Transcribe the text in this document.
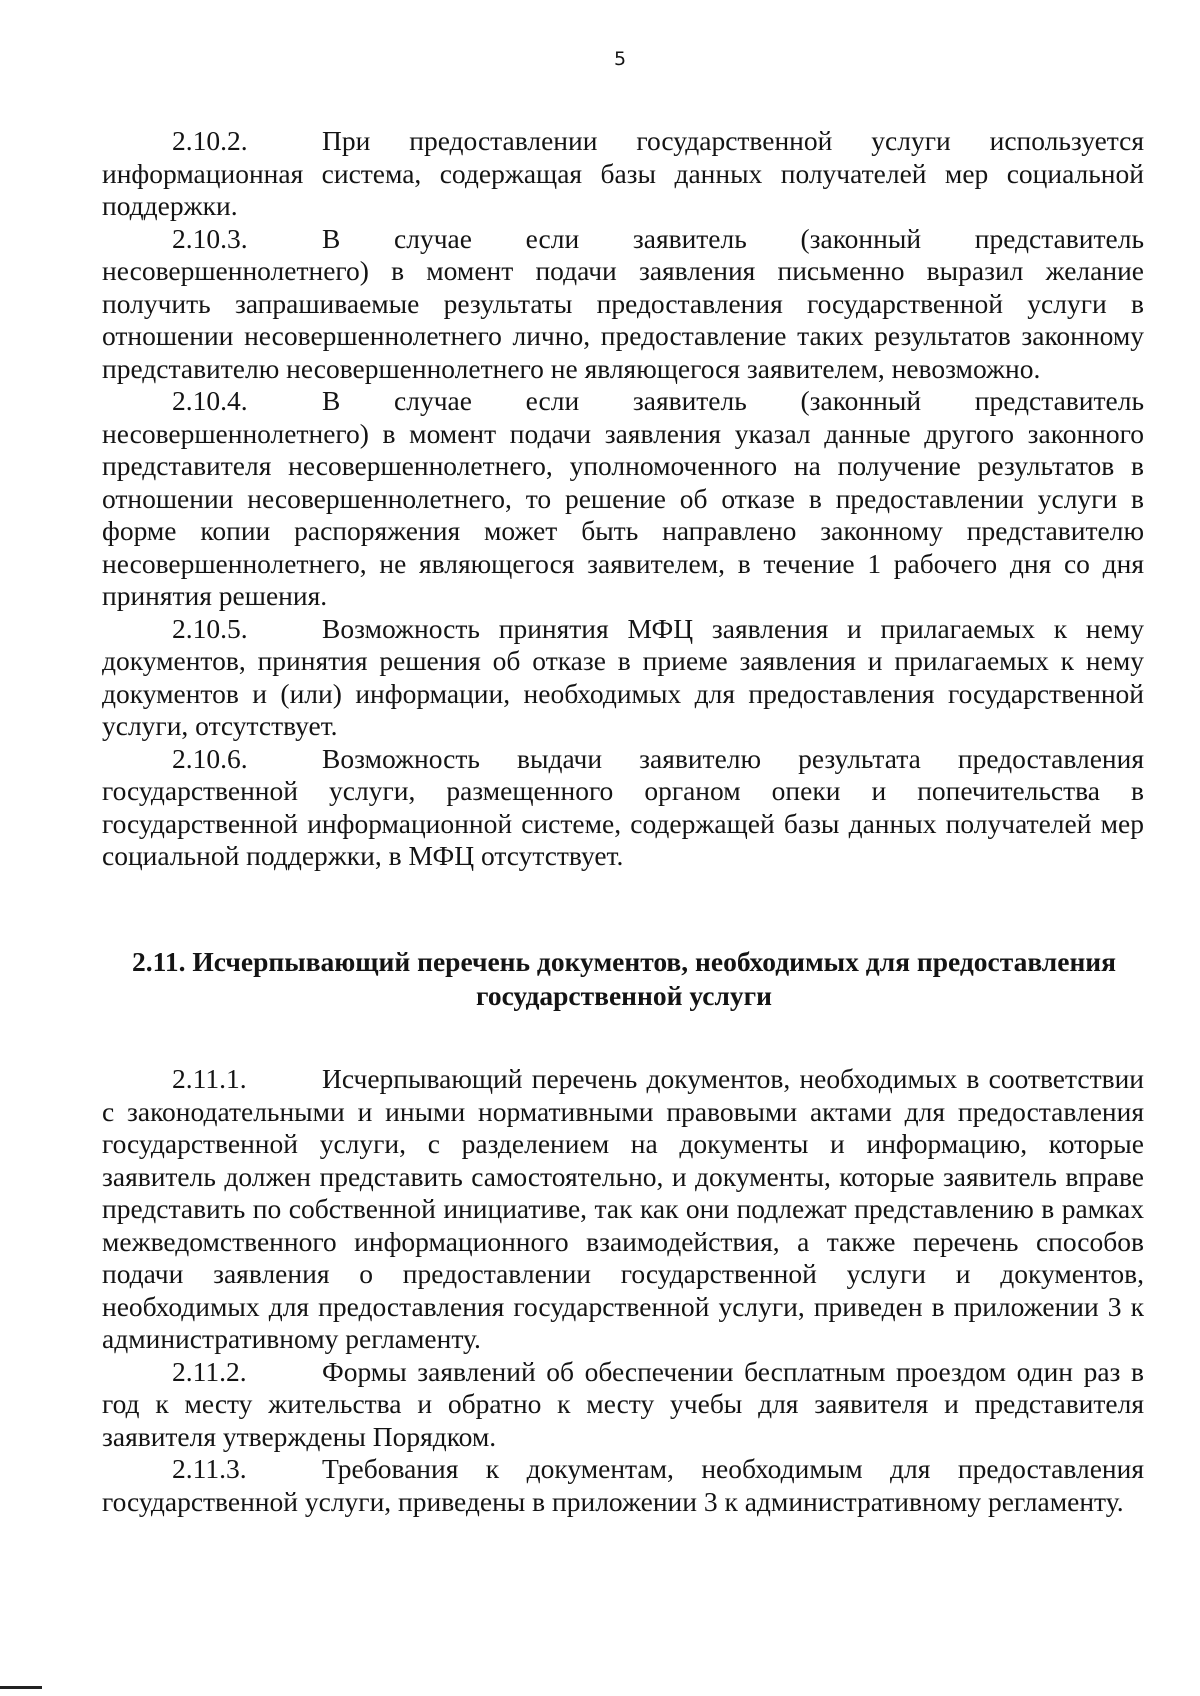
5

2.10.2.	При предоставлении государственной услуги используется информационная система, содержащая базы данных получателей мер социальной поддержки.

2.10.3.	В случае если заявитель (законный представитель несовершеннолетнего) в момент подачи заявления письменно выразил желание получить запрашиваемые результаты предоставления государственной услуги в отношении несовершеннолетнего лично, предоставление таких результатов законному представителю несовершеннолетнего не являющегося заявителем, невозможно.

2.10.4.	В случае если заявитель (законный представитель несовершеннолетнего) в момент подачи заявления указал данные другого законного представителя несовершеннолетнего, уполномоченного на получение результатов в отношении несовершеннолетнего, то решение об отказе в предоставлении услуги в форме копии распоряжения может быть направлено законному представителю несовершеннолетнего, не являющегося заявителем, в течение 1 рабочего дня со дня принятия решения.

2.10.5.	Возможность принятия МФЦ заявления и прилагаемых к нему документов, принятия решения об отказе в приеме заявления и прилагаемых к нему документов и (или) информации, необходимых для предоставления государственной услуги, отсутствует.

2.10.6.	Возможность выдачи заявителю результата предоставления государственной услуги, размещенного органом опеки и попечительства в государственной информационной системе, содержащей базы данных получателей мер социальной поддержки, в МФЦ отсутствует.

2.11. Исчерпывающий перечень документов, необходимых для предоставления
государственной услуги

2.11.1.	Исчерпывающий перечень документов, необходимых в соответствии с законодательными и иными нормативными правовыми актами для предоставления государственной услуги, с разделением на документы и информацию, которые заявитель должен представить самостоятельно, и документы, которые заявитель вправе представить по собственной инициативе, так как они подлежат представлению в рамках межведомственного информационного взаимодействия, а также перечень способов подачи заявления о предоставлении государственной услуги и документов, необходимых для предоставления государственной услуги, приведен в приложении 3 к административному регламенту.

2.11.2.	Формы заявлений об обеспечении бесплатным проездом один раз в год к месту жительства и обратно к месту учебы для заявителя и представителя заявителя утверждены Порядком.

2.11.3.	Требования к документам, необходимым для предоставления государственной услуги, приведены в приложении 3 к административному регламенту.
